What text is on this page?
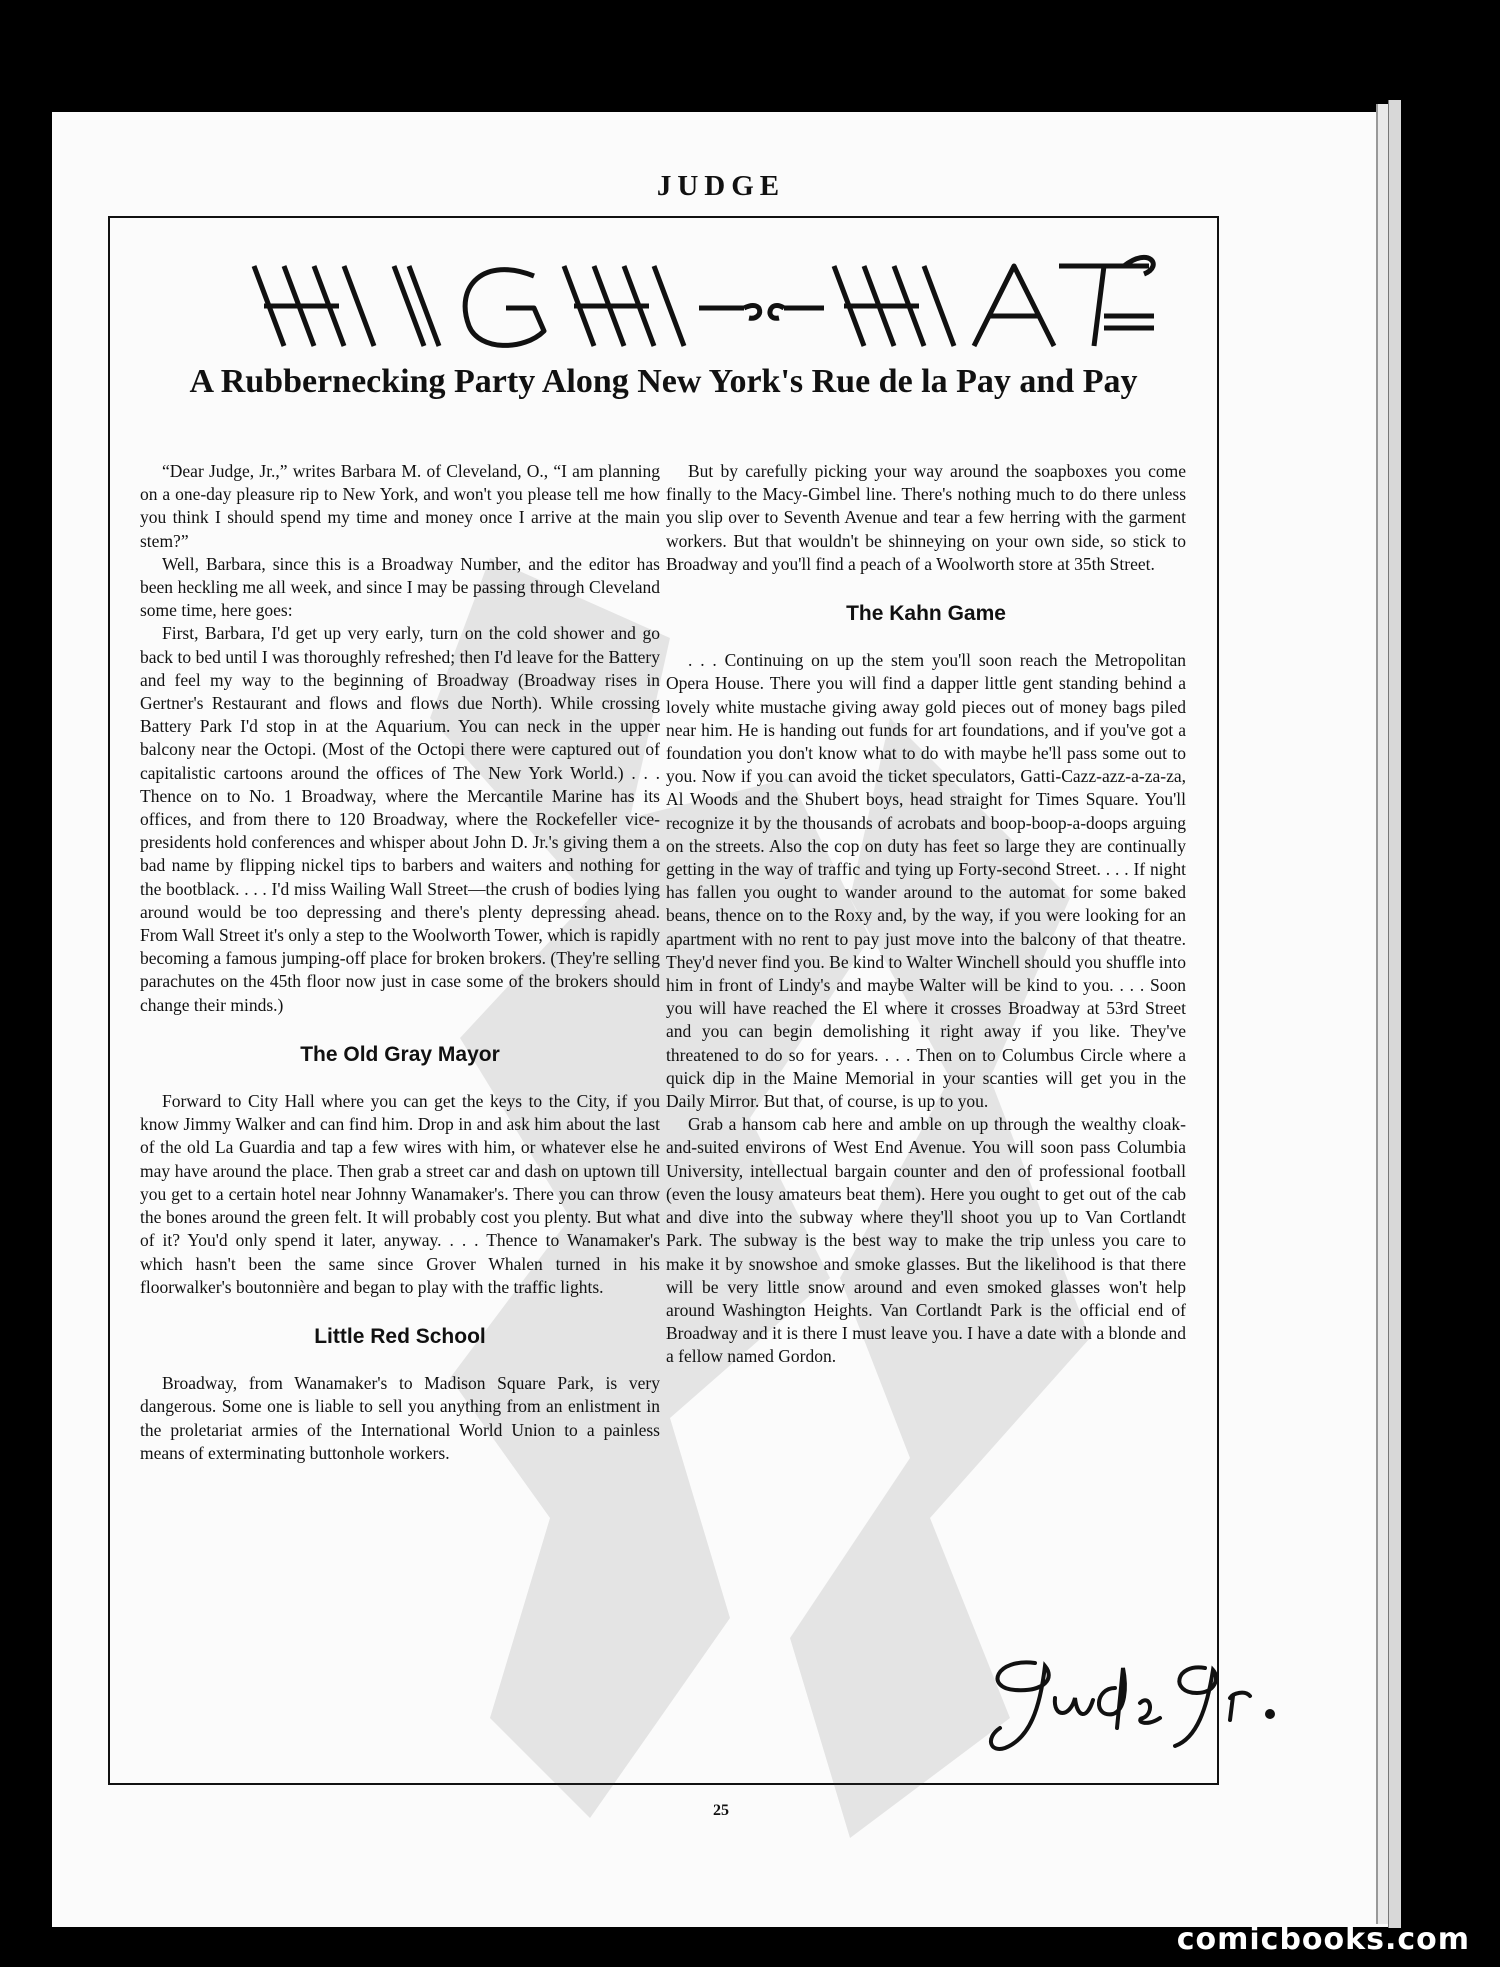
JUDGE
A Rubbernecking Party Along New York's Rue de la Pay and Pay

“Dear Judge, Jr.,” writes Barbara M. of Cleveland, O., “I am planning on a one-day pleasure rip to New York, and won't you please tell me how you think I should spend my time and money once I arrive at the main stem?”

Well, Barbara, since this is a Broadway Number, and the editor has been heckling me all week, and since I may be passing through Cleveland some time, here goes:

First, Barbara, I'd get up very early, turn on the cold shower and go back to bed until I was thoroughly refreshed; then I'd leave for the Battery and feel my way to the beginning of Broadway (Broadway rises in Gertner's Restaurant and flows and flows due North). While crossing Battery Park I'd stop in at the Aquarium. You can neck in the upper balcony near the Octopi. (Most of the Octopi there were captured out of capitalistic cartoons around the offices of The New York World.) . . . Thence on to No. 1 Broadway, where the Mercantile Marine has its offices, and from there to 120 Broadway, where the Rockefeller vice-presidents hold conferences and whisper about John D. Jr.'s giving them a bad name by flipping nickel tips to barbers and waiters and nothing for the bootblack. . . . I'd miss Wailing Wall Street—the crush of bodies lying around would be too depressing and there's plenty depressing ahead. From Wall Street it's only a step to the Woolworth Tower, which is rapidly becoming a famous jumping-off place for broken brokers. (They're selling parachutes on the 45th floor now just in case some of the brokers should change their minds.)

The Old Gray Mayor

Forward to City Hall where you can get the keys to the City, if you know Jimmy Walker and can find him. Drop in and ask him about the last of the old La Guardia and tap a few wires with him, or whatever else he may have around the place. Then grab a street car and dash on uptown till you get to a certain hotel near Johnny Wanamaker's. There you can throw the bones around the green felt. It will probably cost you plenty. But what of it? You'd only spend it later, anyway. . . . Thence to Wanamaker's which hasn't been the same since Grover Whalen turned in his floorwalker's boutonnière and began to play with the traffic lights.

Little Red School

Broadway, from Wanamaker's to Madison Square Park, is very dangerous. Some one is liable to sell you anything from an enlistment in the proletariat armies of the International World Union to a painless means of exterminating buttonhole workers.

But by carefully picking your way around the soapboxes you come finally to the Macy-Gimbel line. There's nothing much to do there unless you slip over to Seventh Avenue and tear a few herring with the garment workers. But that wouldn't be shinneying on your own side, so stick to Broadway and you'll find a peach of a Woolworth store at 35th Street.

The Kahn Game

. . . Continuing on up the stem you'll soon reach the Metropolitan Opera House. There you will find a dapper little gent standing behind a lovely white mustache giving away gold pieces out of money bags piled near him. He is handing out funds for art foundations, and if you've got a foundation you don't know what to do with maybe he'll pass some out to you. Now if you can avoid the ticket speculators, Gatti-Cazz-azz-a-za-za, Al Woods and the Shubert boys, head straight for Times Square. You'll recognize it by the thousands of acrobats and boop-boop-a-doops arguing on the streets. Also the cop on duty has feet so large they are continually getting in the way of traffic and tying up Forty-second Street. . . . If night has fallen you ought to wander around to the automat for some baked beans, thence on to the Roxy and, by the way, if you were looking for an apartment with no rent to pay just move into the balcony of that theatre. They'd never find you. Be kind to Walter Winchell should you shuffle into him in front of Lindy's and maybe Walter will be kind to you. . . . Soon you will have reached the El where it crosses Broadway at 53rd Street and you can begin demolishing it right away if you like. They've threatened to do so for years. . . . Then on to Columbus Circle where a quick dip in the Maine Memorial in your scanties will get you in the Daily Mirror. But that, of course, is up to you.

Grab a hansom cab here and amble on up through the wealthy cloak-and-suited environs of West End Avenue. You will soon pass Columbia University, intellectual bargain counter and den of professional football (even the lousy amateurs beat them). Here you ought to get out of the cab and dive into the subway where they'll shoot you up to Van Cortlandt Park. The subway is the best way to make the trip unless you care to make it by snowshoe and smoke glasses. But the likelihood is that there will be very little snow around and even smoked glasses won't help around Washington Heights. Van Cortlandt Park is the official end of Broadway and it is there I must leave you. I have a date with a blonde and a fellow named Gordon.

25
comicbooks.com
